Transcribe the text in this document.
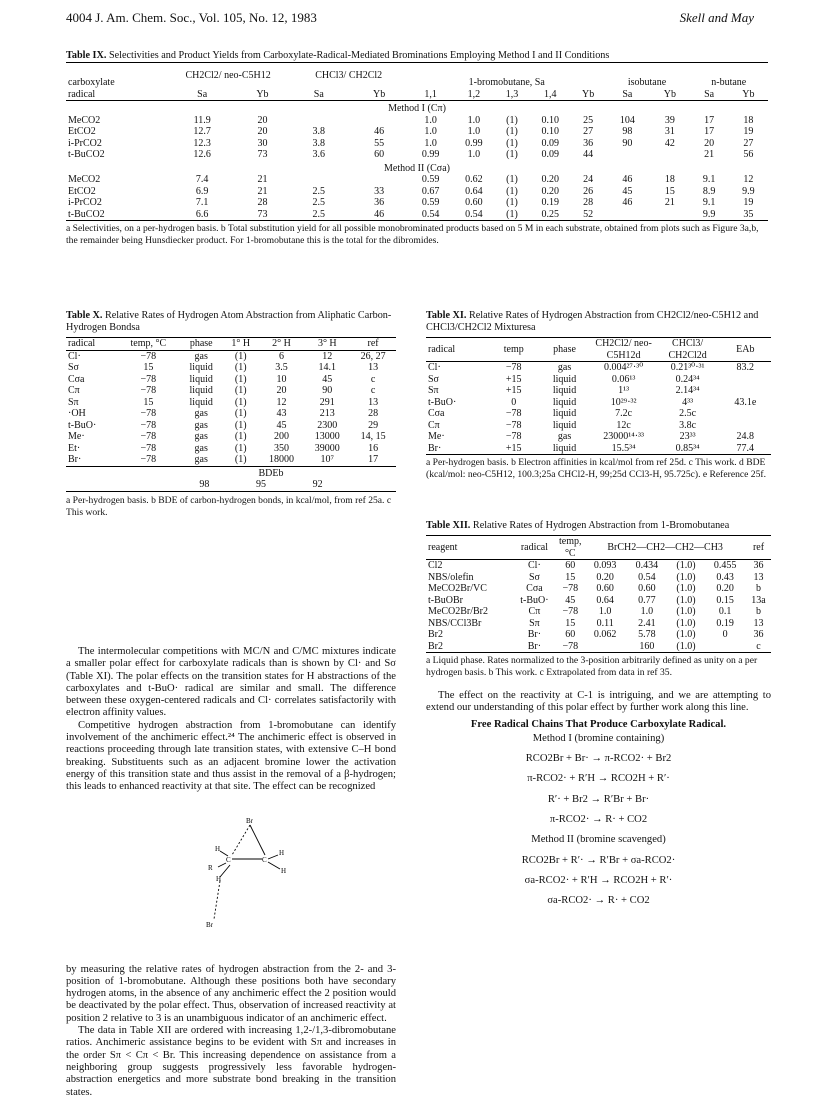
4004 J. Am. Chem. Soc., Vol. 105, No. 12, 1983	Skell and May
Table IX. Selectivities and Product Yields from Carboxylate-Radical-Mediated Brominations Employing Method I and II Conditions
carboxylate	CH2Cl2/ neo-C5H12		CHCl3/ CH2Cl2		1-bromobutane, Sa					isobutane		n-butane	
radical	Sa	Yb	Sa	Yb	1,1	1,2	1,3	1,4	Yb	Sa	Yb	Sa	Yb
Method I (Cπ)													
MeCO2	11.9	20			1.0	1.0	(1)	0.10	25	104	39	17	18
EtCO2	12.7	20	3.8	46	1.0	1.0	(1)	0.10	27	98	31	17	19
i-PrCO2	12.3	30	3.8	55	1.0	0.99	(1)	0.09	36	90	42	20	27
t-BuCO2	12.6	73	3.6	60	0.99	1.0	(1)	0.09	44			21	56
Method II (Cσa)													
MeCO2	7.4	21			0.59	0.62	(1)	0.20	24	46	18	9.1	12
EtCO2	6.9	21	2.5	33	0.67	0.64	(1)	0.20	26	45	15	8.9	9.9
i-PrCO2	7.1	28	2.5	36	0.59	0.60	(1)	0.19	28	46	21	9.1	19
t-BuCO2	6.6	73	2.5	46	0.54	0.54	(1)	0.25	52			9.9	35
a Selectivities, on a per-hydrogen basis. b Total substitution yield for all possible monobrominated products based on 5 M in each substrate, obtained from plots such as Figure 3a,b, the remainder being Hunsdiecker product. For 1-bromobutane this is the total for the dibromides.
Table X. Relative Rates of Hydrogen Atom Abstraction from Aliphatic Carbon-Hydrogen Bondsa
radical	temp, °C	phase	1° H	2° H	3° H	ref
Cl·	−78	gas	(1)	6	12	26, 27
Sσ	15	liquid	(1)	3.5	14.1	13
Cσa	−78	liquid	(1)	10	45	c
Cπ	−78	liquid	(1)	20	90	c
Sπ	15	liquid	(1)	12	291	13
·OH	−78	gas	(1)	43	213	28
t-BuO·	−78	gas	(1)	45	2300	29
Me·	−78	gas	(1)	200	13000	14, 15
Et·	−78	gas	(1)	350	39000	16
Br·	−78	gas	(1)	18000	10⁷	17
BDEb
98	95	92
a Per-hydrogen basis. b BDE of carbon-hydrogen bonds, in kcal/mol, from ref 25a. c This work.
Table XI. Relative Rates of Hydrogen Abstraction from CH2Cl2/neo-C5H12 and CHCl3/CH2Cl2 Mixturesa
radical	temp	phase	CH2Cl2/ neo-C5H12d	CHCl3/ CH2Cl2d	EAb
Cl·	−78	gas	0.004²⁷·³⁰	0.21³⁰·³¹	83.2
Sσ	+15	liquid	0.06¹³	0.24³⁴	
Sπ	+15	liquid	1¹³	2.14³⁴	
t-BuO·	0	liquid	10²⁹·³²	4³³	43.1e
Cσa	−78	liquid	7.2c	2.5c	
Cπ	−78	liquid	12c	3.8c	
Me·	−78	gas	23000¹⁴·³³	23³³	24.8
Br·	+15	liquid	15.5³⁴	0.85³⁴	77.4
a Per-hydrogen basis. b Electron affinities in kcal/mol from ref 25d. c This work. d BDE (kcal/mol: neo-C5H12, 100.3;25a CHCl2-H, 99;25d CCl3-H, 95.725c). e Reference 25f.
Table XII. Relative Rates of Hydrogen Abstraction from 1-Bromobutanea
reagent	radical	temp, °C	BrCH2—CH2—CH2—CH3				ref
Cl2	Cl·	60	0.093	0.434	(1.0)	0.455	36
NBS/olefin	Sσ	15	0.20	0.54	(1.0)	0.43	13
MeCO2Br/VC	Cσa	−78	0.60	0.60	(1.0)	0.20	b
t-BuOBr	t-BuO·	45	0.64	0.77	(1.0)	0.15	13a
MeCO2Br/Br2	Cπ	−78	1.0	1.0	(1.0)	0.1	b
NBS/CCl3Br	Sπ	15	0.11	2.41	(1.0)	0.19	13
Br2	Br·	60	0.062	5.78	(1.0)	0	36
Br2	Br·	−78		160	(1.0)		c
a Liquid phase. Rates normalized to the 3-position arbitrarily defined as unity on a per hydrogen basis. b This work. c Extrapolated from data in ref 35.

The intermolecular competitions with MC/N and C/MC mixtures indicate a smaller polar effect for carboxylate radicals than is shown by Cl· and Sσ (Table XI). The polar effects on the transition states for H abstractions of the carboxylates and t-BuO· radical are similar and small. The difference between these oxygen-centered radicals and Cl· correlates satisfactorily with electron affinity values.

Competitive hydrogen abstraction from 1-bromobutane can identify involvement of the anchimeric effect.²⁴ The anchimeric effect is observed in reactions proceeding through late transition states, with extensive C–H bond breaking. Substituents such as an adjacent bromine lower the activation energy of this transition state and thus assist in the removal of a β-hydrogen; this leads to enhanced reactivity at that site. The effect can be recognized

by measuring the relative rates of hydrogen abstraction from the 2- and 3-position of 1-bromobutane. Although these positions both have secondary hydrogen atoms, in the absence of any anchimeric effect the 2 position would be deactivated by the polar effect. Thus, observation of increased reactivity at position 2 relative to 3 is an unambiguous indicator of an anchimeric effect.

The data in Table XII are ordered with increasing 1,2-/1,3-dibromobutane ratios. Anchimeric assistance begins to be evident with Sπ and increases in the order Sπ < Cπ < Br. This increasing dependence on assistance from a neighboring group suggests progressively less favorable hydrogen-abstraction energetics and more substrate bond breaking in the transition states.

Br
H
C	C
H
R	H
H
Br

The effect on the reactivity at C-1 is intriguing, and we are attempting to extend our understanding of this polar effect by further work along this line.

Free Radical Chains That Produce Carboxylate Radical.
Method I (bromine containing)
RCO2Br + Br· → π-RCO2· + Br2
π-RCO2· + R′H → RCO2H + R′·
R′· + Br2 → R′Br + Br·
π-RCO2· → R· + CO2
Method II (bromine scavenged)
RCO2Br + R′· → R′Br + σa-RCO2·
σa-RCO2· + R′H → RCO2H + R′·
σa-RCO2· → R· + CO2
